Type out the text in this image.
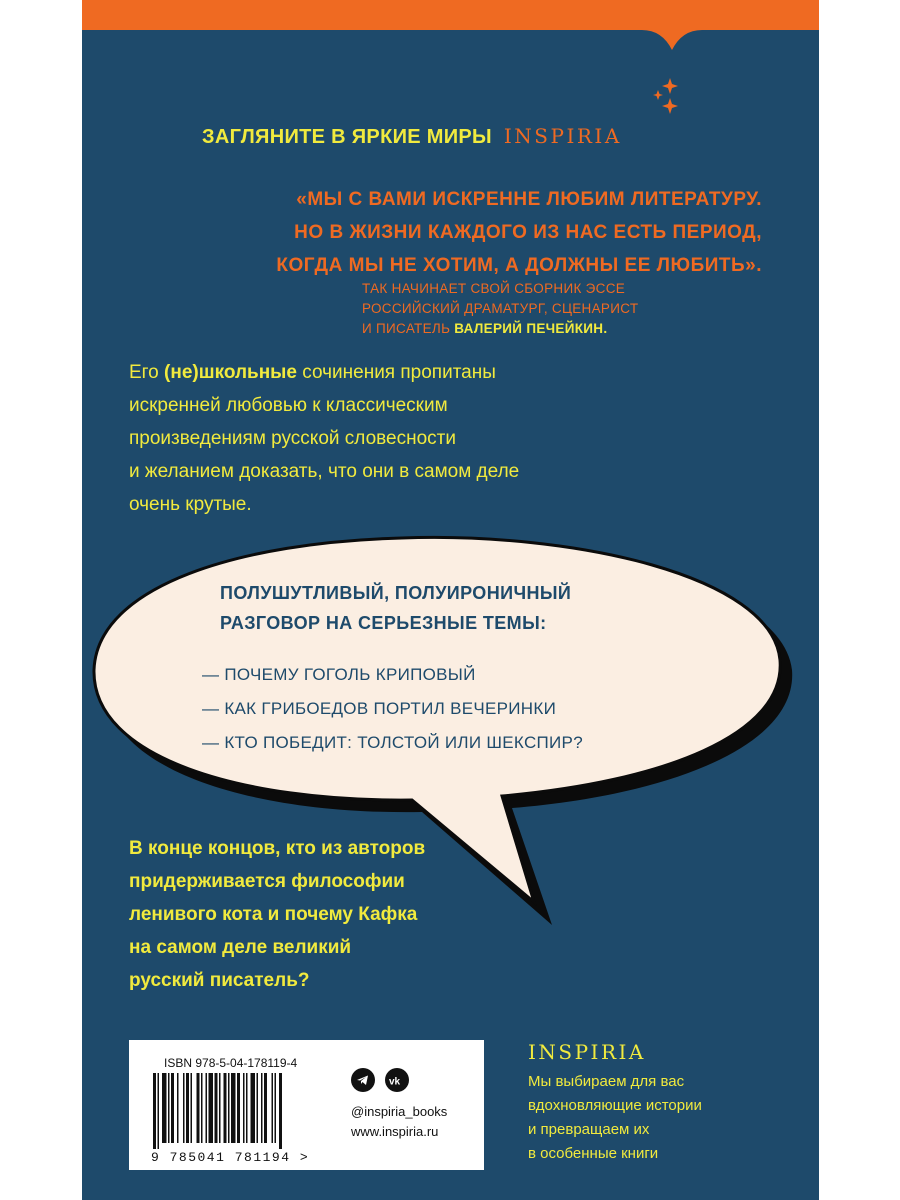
ЗАГЛЯНИТЕ В ЯРКИЕ МИРЫ INSPIRIA
«МЫ С ВАМИ ИСКРЕННЕ ЛЮБИМ ЛИТЕРАТУРУ.
НО В ЖИЗНИ КАЖДОГО ИЗ НАС ЕСТЬ ПЕРИОД,
КОГДА МЫ НЕ ХОТИМ, А ДОЛЖНЫ ЕЕ ЛЮБИТЬ».
ТАК НАЧИНАЕТ СВОЙ СБОРНИК ЭССЕ
РОССИЙСКИЙ ДРАМАТУРГ, СЦЕНАРИСТ
И ПИСАТЕЛЬ ВАЛЕРИЙ ПЕЧЕЙКИН.
Его (не)школьные сочинения пропитаны
искренней любовью к классическим
произведениям русской словесности
и желанием доказать, что они в самом деле
очень крутые.
ПОЛУШУТЛИВЫЙ, ПОЛУИРОНИЧНЫЙ
РАЗГОВОР НА СЕРЬЕЗНЫЕ ТЕМЫ:
— ПОЧЕМУ ГОГОЛЬ КРИПОВЫЙ
— КАК ГРИБОЕДОВ ПОРТИЛ ВЕЧЕРИНКИ
— КТО ПОБЕДИТ: ТОЛСТОЙ ИЛИ ШЕКСПИР?
В конце концов, кто из авторов
придерживается философии
ленивого кота и почему Кафка
на самом деле великий
русский писатель?
ISBN 978-5-04-178119-4
9 785041 781194 >

vk
@inspiria_books
www.inspiria.ru
INSPIRIA
Мы выбираем для вас
вдохновляющие истории
и превращаем их
в особенные книги
